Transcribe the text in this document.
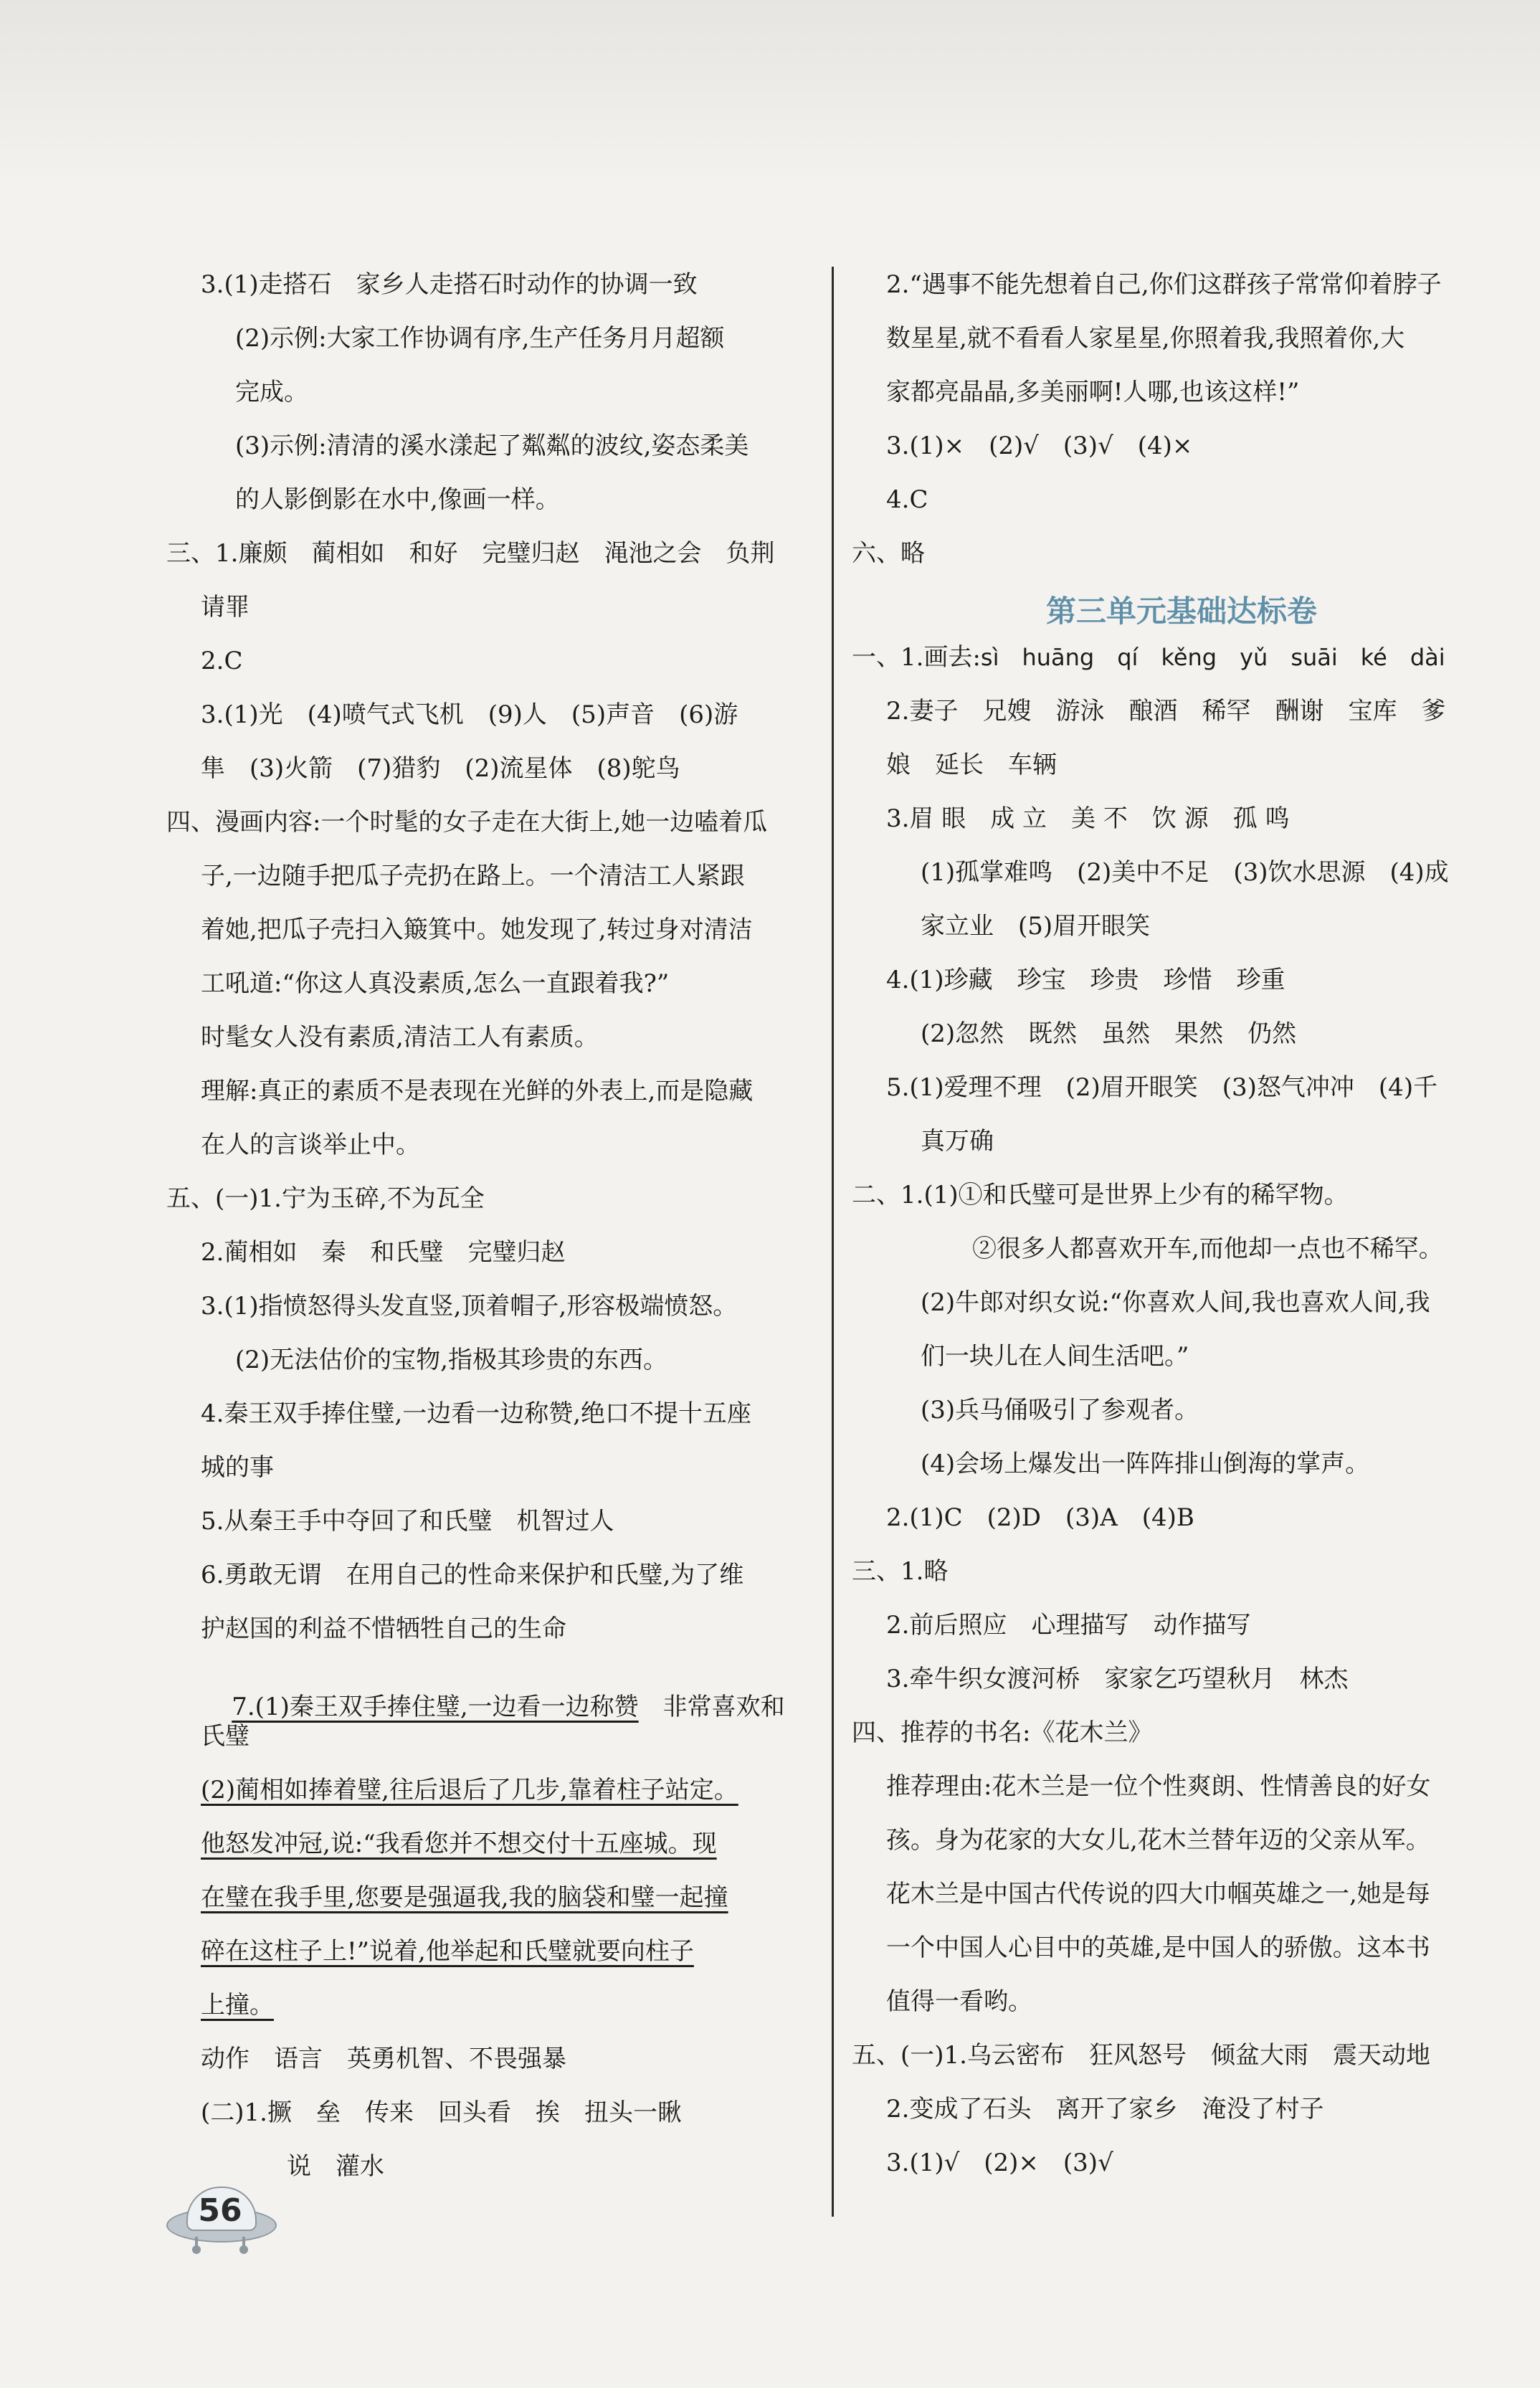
3.(1)走搭石　家乡人走搭石时动作的协调一致
(2)示例:大家工作协调有序,生产任务月月超额
完成。
(3)示例:清清的溪水漾起了粼粼的波纹,姿态柔美
的人影倒影在水中,像画一样。
三、1.廉颇　蔺相如　和好　完璧归赵　渑池之会　负荆
请罪
2.C
3.(1)光　(4)喷气式飞机　(9)人　(5)声音　(6)游
隼　(3)火箭　(7)猎豹　(2)流星体　(8)鸵鸟
四、漫画内容:一个时髦的女子走在大街上,她一边嗑着瓜
子,一边随手把瓜子壳扔在路上。一个清洁工人紧跟
着她,把瓜子壳扫入簸箕中。她发现了,转过身对清洁
工吼道:“你这人真没素质,怎么一直跟着我?”
时髦女人没有素质,清洁工人有素质。
理解:真正的素质不是表现在光鲜的外表上,而是隐藏
在人的言谈举止中。
五、(一)1.宁为玉碎,不为瓦全
2.蔺相如　秦　和氏璧　完璧归赵
3.(1)指愤怒得头发直竖,顶着帽子,形容极端愤怒。
(2)无法估价的宝物,指极其珍贵的东西。
4.秦王双手捧住璧,一边看一边称赞,绝口不提十五座
城的事
5.从秦王手中夺回了和氏璧　机智过人
6.勇敢无谓　在用自己的性命来保护和氏璧,为了维
护赵国的利益不惜牺牲自己的生命

7.(1)秦王双手捧住璧,一边看一边称赞　 非常喜欢和

氏璧
(2)蔺相如捧着璧,往后退后了几步,靠着柱子站定。
他怒发冲冠,说:“我看您并不想交付十五座城。现
在璧在我手里,您要是强逼我,我的脑袋和璧一起撞
碎在这柱子上!”说着,他举起和氏璧就要向柱子
上撞。
动作　语言　英勇机智、不畏强暴
(二)1.撅　垒　传来　回头看　挨　扭头一瞅
说　灌水
2.“遇事不能先想着自己,你们这群孩子常常仰着脖子
数星星,就不看看人家星星,你照着我,我照着你,大
家都亮晶晶,多美丽啊!人哪,也该这样!”
3.(1)×　(2)√　(3)√　(4)×
4.C
六、略
第三单元基础达标卷
一、1.画去:sì　huāng　qí　kěng　yǔ　suāi　ké　dài
2.妻子　兄嫂　游泳　酿酒　稀罕　酬谢　宝库　爹
娘　延长　车辆
3.眉 眼　成 立　美 不　饮 源　孤 鸣
(1)孤掌难鸣　(2)美中不足　(3)饮水思源　(4)成
家立业　(5)眉开眼笑
4.(1)珍藏　珍宝　珍贵　珍惜　珍重
(2)忽然　既然　虽然　果然　仍然
5.(1)爱理不理　(2)眉开眼笑　(3)怒气冲冲　(4)千
真万确
二、1.(1)①和氏璧可是世界上少有的稀罕物。
②很多人都喜欢开车,而他却一点也不稀罕。
(2)牛郎对织女说:“你喜欢人间,我也喜欢人间,我
们一块儿在人间生活吧。”
(3)兵马俑吸引了参观者。
(4)会场上爆发出一阵阵排山倒海的掌声。
2.(1)C　(2)D　(3)A　(4)B
三、1.略
2.前后照应　心理描写　动作描写
3.牵牛织女渡河桥　家家乞巧望秋月　林杰
四、推荐的书名:《花木兰》
推荐理由:花木兰是一位个性爽朗、性情善良的好女
孩。身为花家的大女儿,花木兰替年迈的父亲从军。
花木兰是中国古代传说的四大巾帼英雄之一,她是每
一个中国人心目中的英雄,是中国人的骄傲。这本书
值得一看哟。
五、(一)1.乌云密布　狂风怒号　倾盆大雨　震天动地
2.变成了石头　离开了家乡　淹没了村子
3.(1)√　(2)×　(3)√
56
